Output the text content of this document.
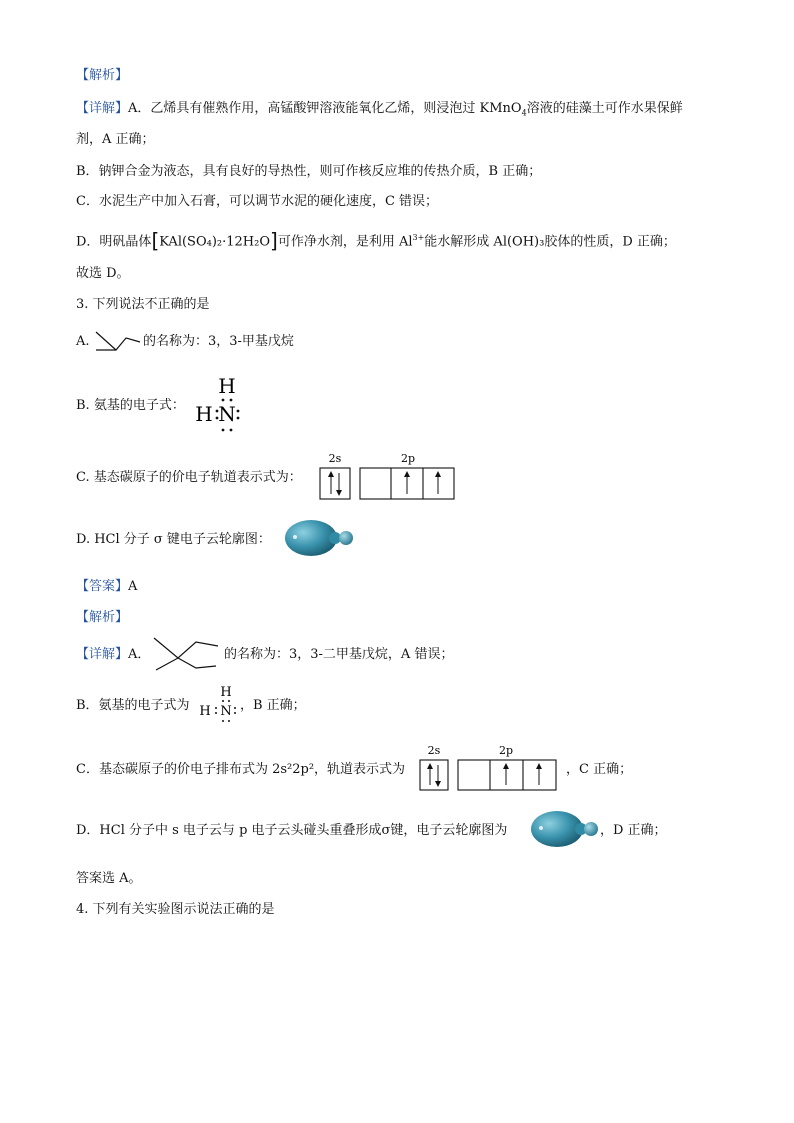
【解析】
【详解】A．乙烯具有催熟作用，高锰酸钾溶液能氧化乙烯，则浸泡过 KMnO$_4$溶液的硅藻土可作水果保鲜
剂，A 正确；
B．钠钾合金为液态，具有良好的导热性，则可作核反应堆的传热介质，B 正确；
C．水泥生产中加入石膏，可以调节水泥的硬化速度，C 错误；
D．明矾晶体[KAl(SO₄)₂·12H₂O]可作净水剂，是利用 $Al^{3+}$能水解形成 Al(OH)₃胶体的性质，D 正确；
故选 D。
3. 下列说法不正确的是
A.	的名称为：3，3-甲基戊烷
B. 氨基的电子式：
H
H N
C. 基态碳原子的价电子轨道表示式为：
2s	2p
D. HCl 分子 σ 键电子云轮廓图：
【答案】A
【解析】
【详解】A．	的名称为：3，3-二甲基戊烷，A 错误；
B．氨基的电子式为
H
H N ，B 正确；
C．基态碳原子的价电子排布式为 2s²2p²，轨道表示式为
2s	2p
，C 正确；
D．HCl 分子中 s 电子云与 p 电子云头碰头重叠形成σ键，电子云轮廓图为	，D 正确；
答案选 A。
4. 下列有关实验图示说法正确的是
